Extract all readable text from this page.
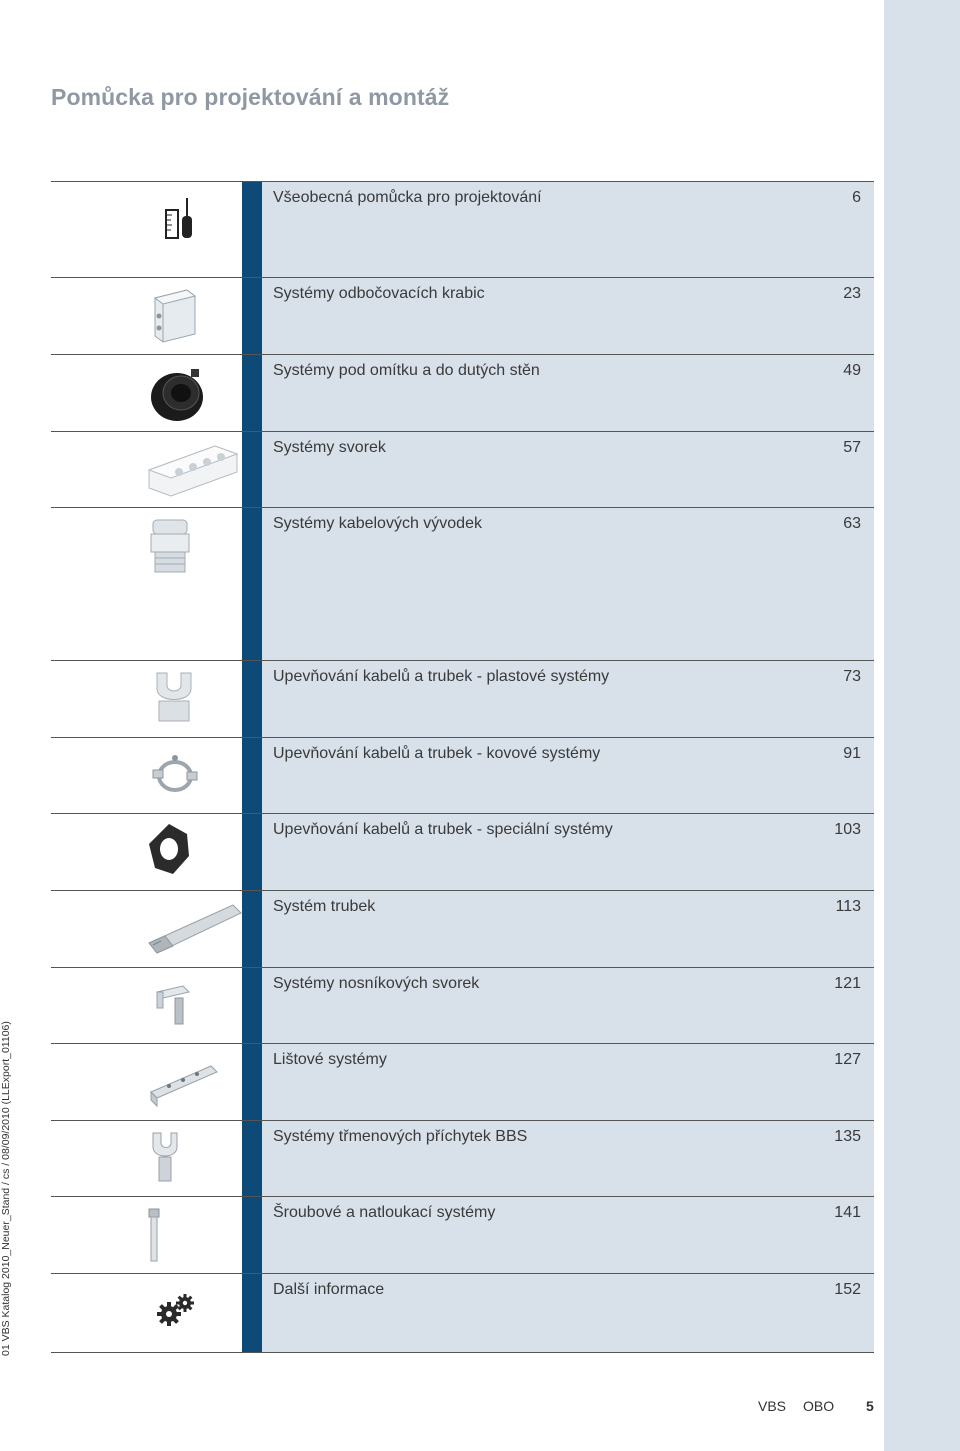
Pomůcka pro projektování a montáž
01 VBS Katalog 2010_Neuer_Stand / cs / 08/09/2010 (LLExport_01106)
Všeobecná pomůcka pro projektování	6
Systémy odbočovacích krabic	23
Systémy pod omítku a do dutých stěn	49
Systémy svorek	57
Systémy kabelových vývodek	63
Upevňování kabelů a trubek - plastové systémy	73
Upevňování kabelů a trubek - kovové systémy	91
Upevňování kabelů a trubek - speciální systémy	103
Systém trubek	113
Systémy nosníkových svorek	121
Lištové systémy	127
Systémy třmenových příchytek BBS	135
Šroubové a natloukací systémy	141
Další informace	152
VBS OBO 5
